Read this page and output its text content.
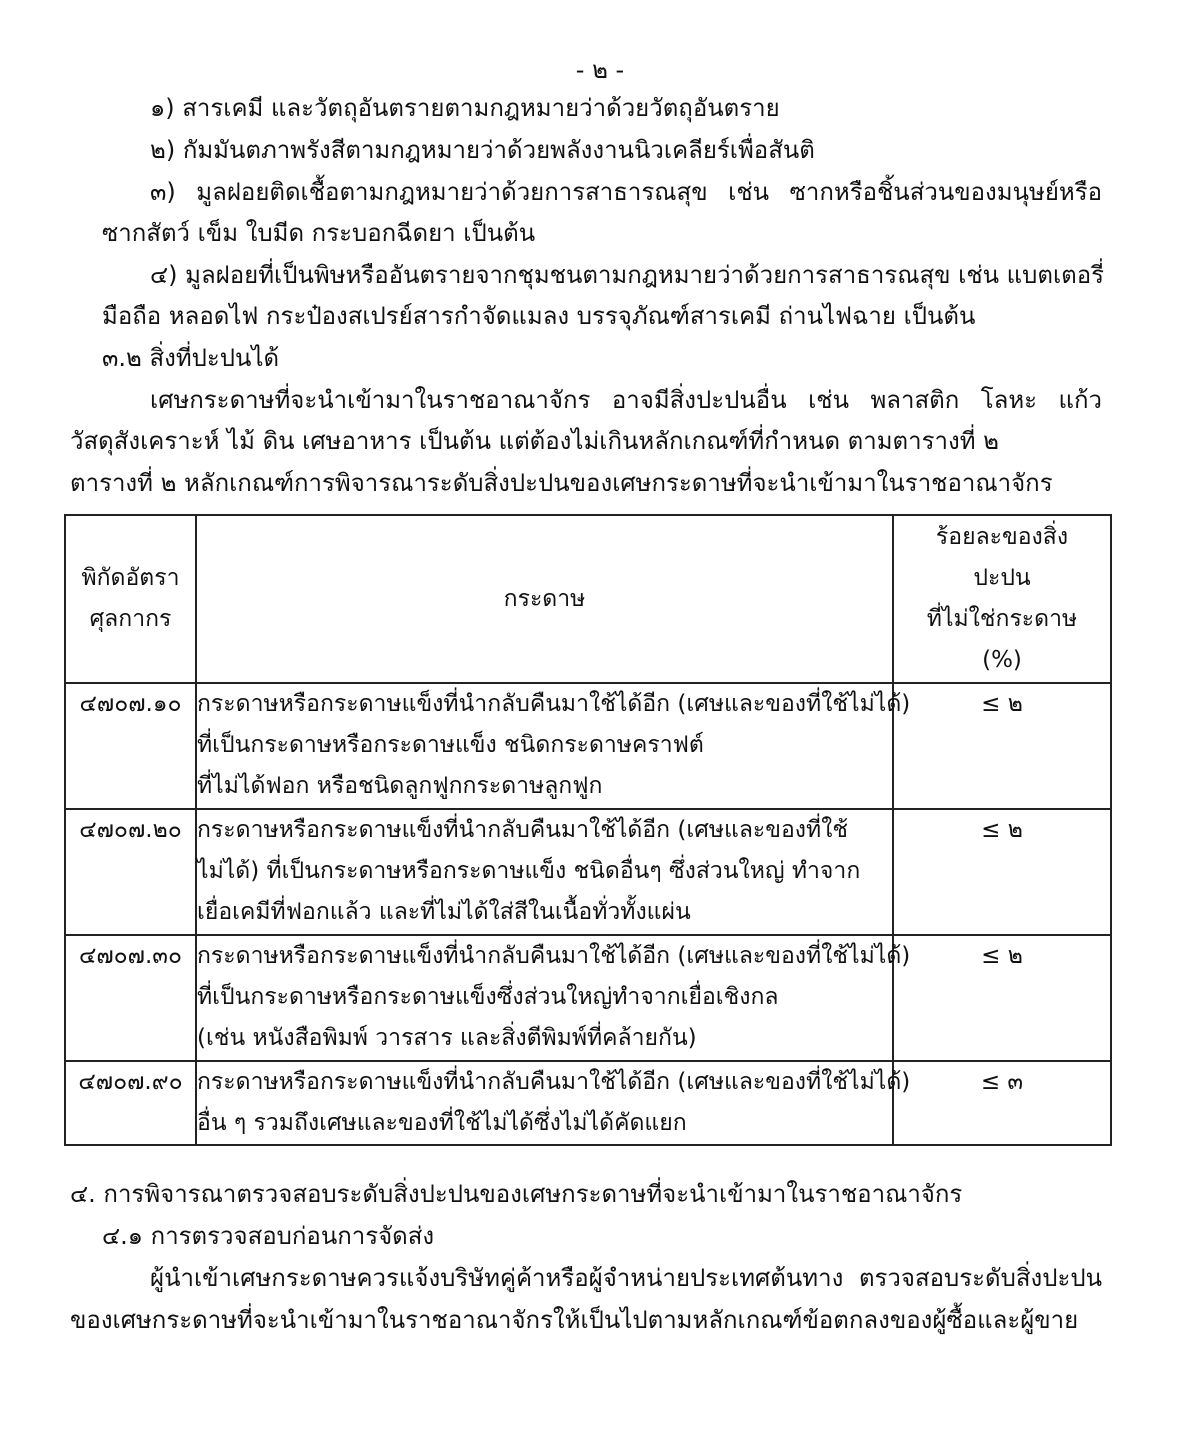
- ๒ -
๑) สารเคมี และวัตถุอันตรายตามกฎหมายว่าด้วยวัตถุอันตราย
๒) กัมมันตภาพรังสีตามกฎหมายว่าด้วยพลังงานนิวเคลียร์เพื่อสันติ
๓) มูลฝอยติดเชื้อตามกฎหมายว่าด้วยการสาธารณสุข เช่น ซากหรือชิ้นส่วนของมนุษย์หรือ
ซากสัตว์ เข็ม ใบมีด กระบอกฉีดยา เป็นต้น
๔) มูลฝอยที่เป็นพิษหรืออันตรายจากชุมชนตามกฎหมายว่าด้วยการสาธารณสุข เช่น แบตเตอรี่
มือถือ หลอดไฟ กระป๋องสเปรย์สารกำจัดแมลง บรรจุภัณฑ์สารเคมี ถ่านไฟฉาย เป็นต้น
๓.๒ สิ่งที่ปะปนได้
เศษกระดาษที่จะนำเข้ามาในราชอาณาจักร อาจมีสิ่งปะปนอื่น เช่น พลาสติก โลหะ แก้ว
วัสดุสังเคราะห์ ไม้ ดิน เศษอาหาร เป็นต้น แต่ต้องไม่เกินหลักเกณฑ์ที่กำหนด ตามตารางที่ ๒
ตารางที่ ๒ หลักเกณฑ์การพิจารณาระดับสิ่งปะปนของเศษกระดาษที่จะนำเข้ามาในราชอาณาจักร
พิกัดอัตรา
ศุลกากร	กระดาษ	ร้อยละของสิ่ง
ปะปน
ที่ไม่ใช่กระดาษ
(%)

๔๗๐๗.๑๐	กระดาษหรือกระดาษแข็งที่นำกลับคืนมาใช้ได้อีก (เศษและของที่ใช้ไม่ได้)
ที่เป็นกระดาษหรือกระดาษแข็ง ชนิดกระดาษคราฟต์
ที่ไม่ได้ฟอก หรือชนิดลูกฟูกกระดาษลูกฟูก	≤ ๒
๔๗๐๗.๒๐	กระดาษหรือกระดาษแข็งที่นำกลับคืนมาใช้ได้อีก (เศษและของที่ใช้
ไม่ได้) ที่เป็นกระดาษหรือกระดาษแข็ง ชนิดอื่นๆ ซึ่งส่วนใหญ่ ทำจาก
เยื่อเคมีที่ฟอกแล้ว และที่ไม่ได้ใส่สีในเนื้อทั่วทั้งแผ่น	≤ ๒
๔๗๐๗.๓๐	กระดาษหรือกระดาษแข็งที่นำกลับคืนมาใช้ได้อีก (เศษและของที่ใช้ไม่ได้)
ที่เป็นกระดาษหรือกระดาษแข็งซึ่งส่วนใหญ่ทำจากเยื่อเชิงกล
(เช่น หนังสือพิมพ์ วารสาร และสิ่งตีพิมพ์ที่คล้ายกัน)	≤ ๒
๔๗๐๗.๙๐	กระดาษหรือกระดาษแข็งที่นำกลับคืนมาใช้ได้อีก (เศษและของที่ใช้ไม่ได้)
อื่น ๆ รวมถึงเศษและของที่ใช้ไม่ได้ซึ่งไม่ได้คัดแยก	≤ ๓
๔. การพิจารณาตรวจสอบระดับสิ่งปะปนของเศษกระดาษที่จะนำเข้ามาในราชอาณาจักร
๔.๑ การตรวจสอบก่อนการจัดส่ง
ผู้นำเข้าเศษกระดาษควรแจ้งบริษัทคู่ค้าหรือผู้จำหน่ายประเทศต้นทาง ตรวจสอบระดับสิ่งปะปน
ของเศษกระดาษที่จะนำเข้ามาในราชอาณาจักรให้เป็นไปตามหลักเกณฑ์ข้อตกลงของผู้ซื้อและผู้ขาย
